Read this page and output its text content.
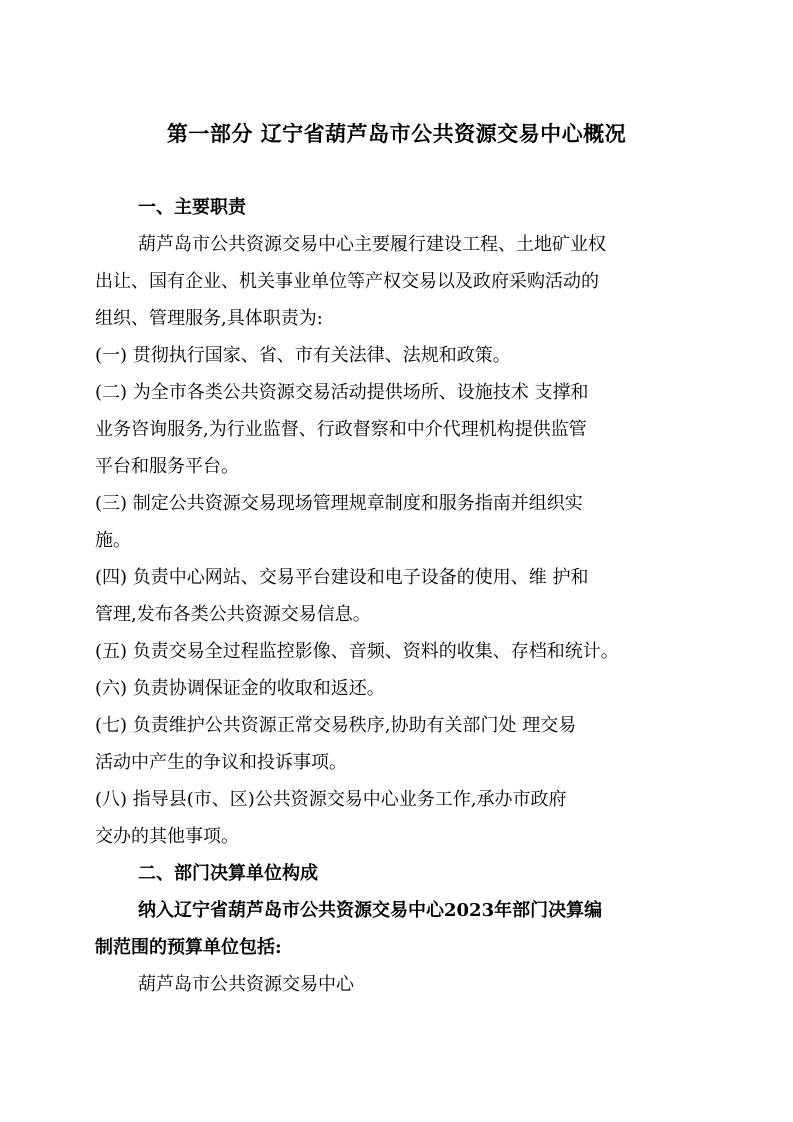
第一部分 辽宁省葫芦岛市公共资源交易中心概况
一、主要职责
葫芦岛市公共资源交易中心主要履行建设工程、土地矿业权
出让、国有企业、机关事业单位等产权交易以及政府采购活动的
组织、管理服务,具体职责为:
(一) 贯彻执行国家、省、市有关法律、法规和政策。
(二) 为全市各类公共资源交易活动提供场所、设施技术 支撑和
业务咨询服务,为行业监督、行政督察和中介代理机构提供监管
平台和服务平台。
(三) 制定公共资源交易现场管理规章制度和服务指南并组织实
施。
(四) 负责中心网站、交易平台建设和电子设备的使用、维 护和
管理,发布各类公共资源交易信息。
(五) 负责交易全过程监控影像、音频、资料的收集、存档和统计。
(六) 负责协调保证金的收取和返还。
(七) 负责维护公共资源正常交易秩序,协助有关部门处 理交易
活动中产生的争议和投诉事项。
(八) 指导县(市、区)公共资源交易中心业务工作,承办市政府
交办的其他事项。
二、部门决算单位构成
纳入辽宁省葫芦岛市公共资源交易中心2023年部门决算编
制范围的预算单位包括:
葫芦岛市公共资源交易中心
